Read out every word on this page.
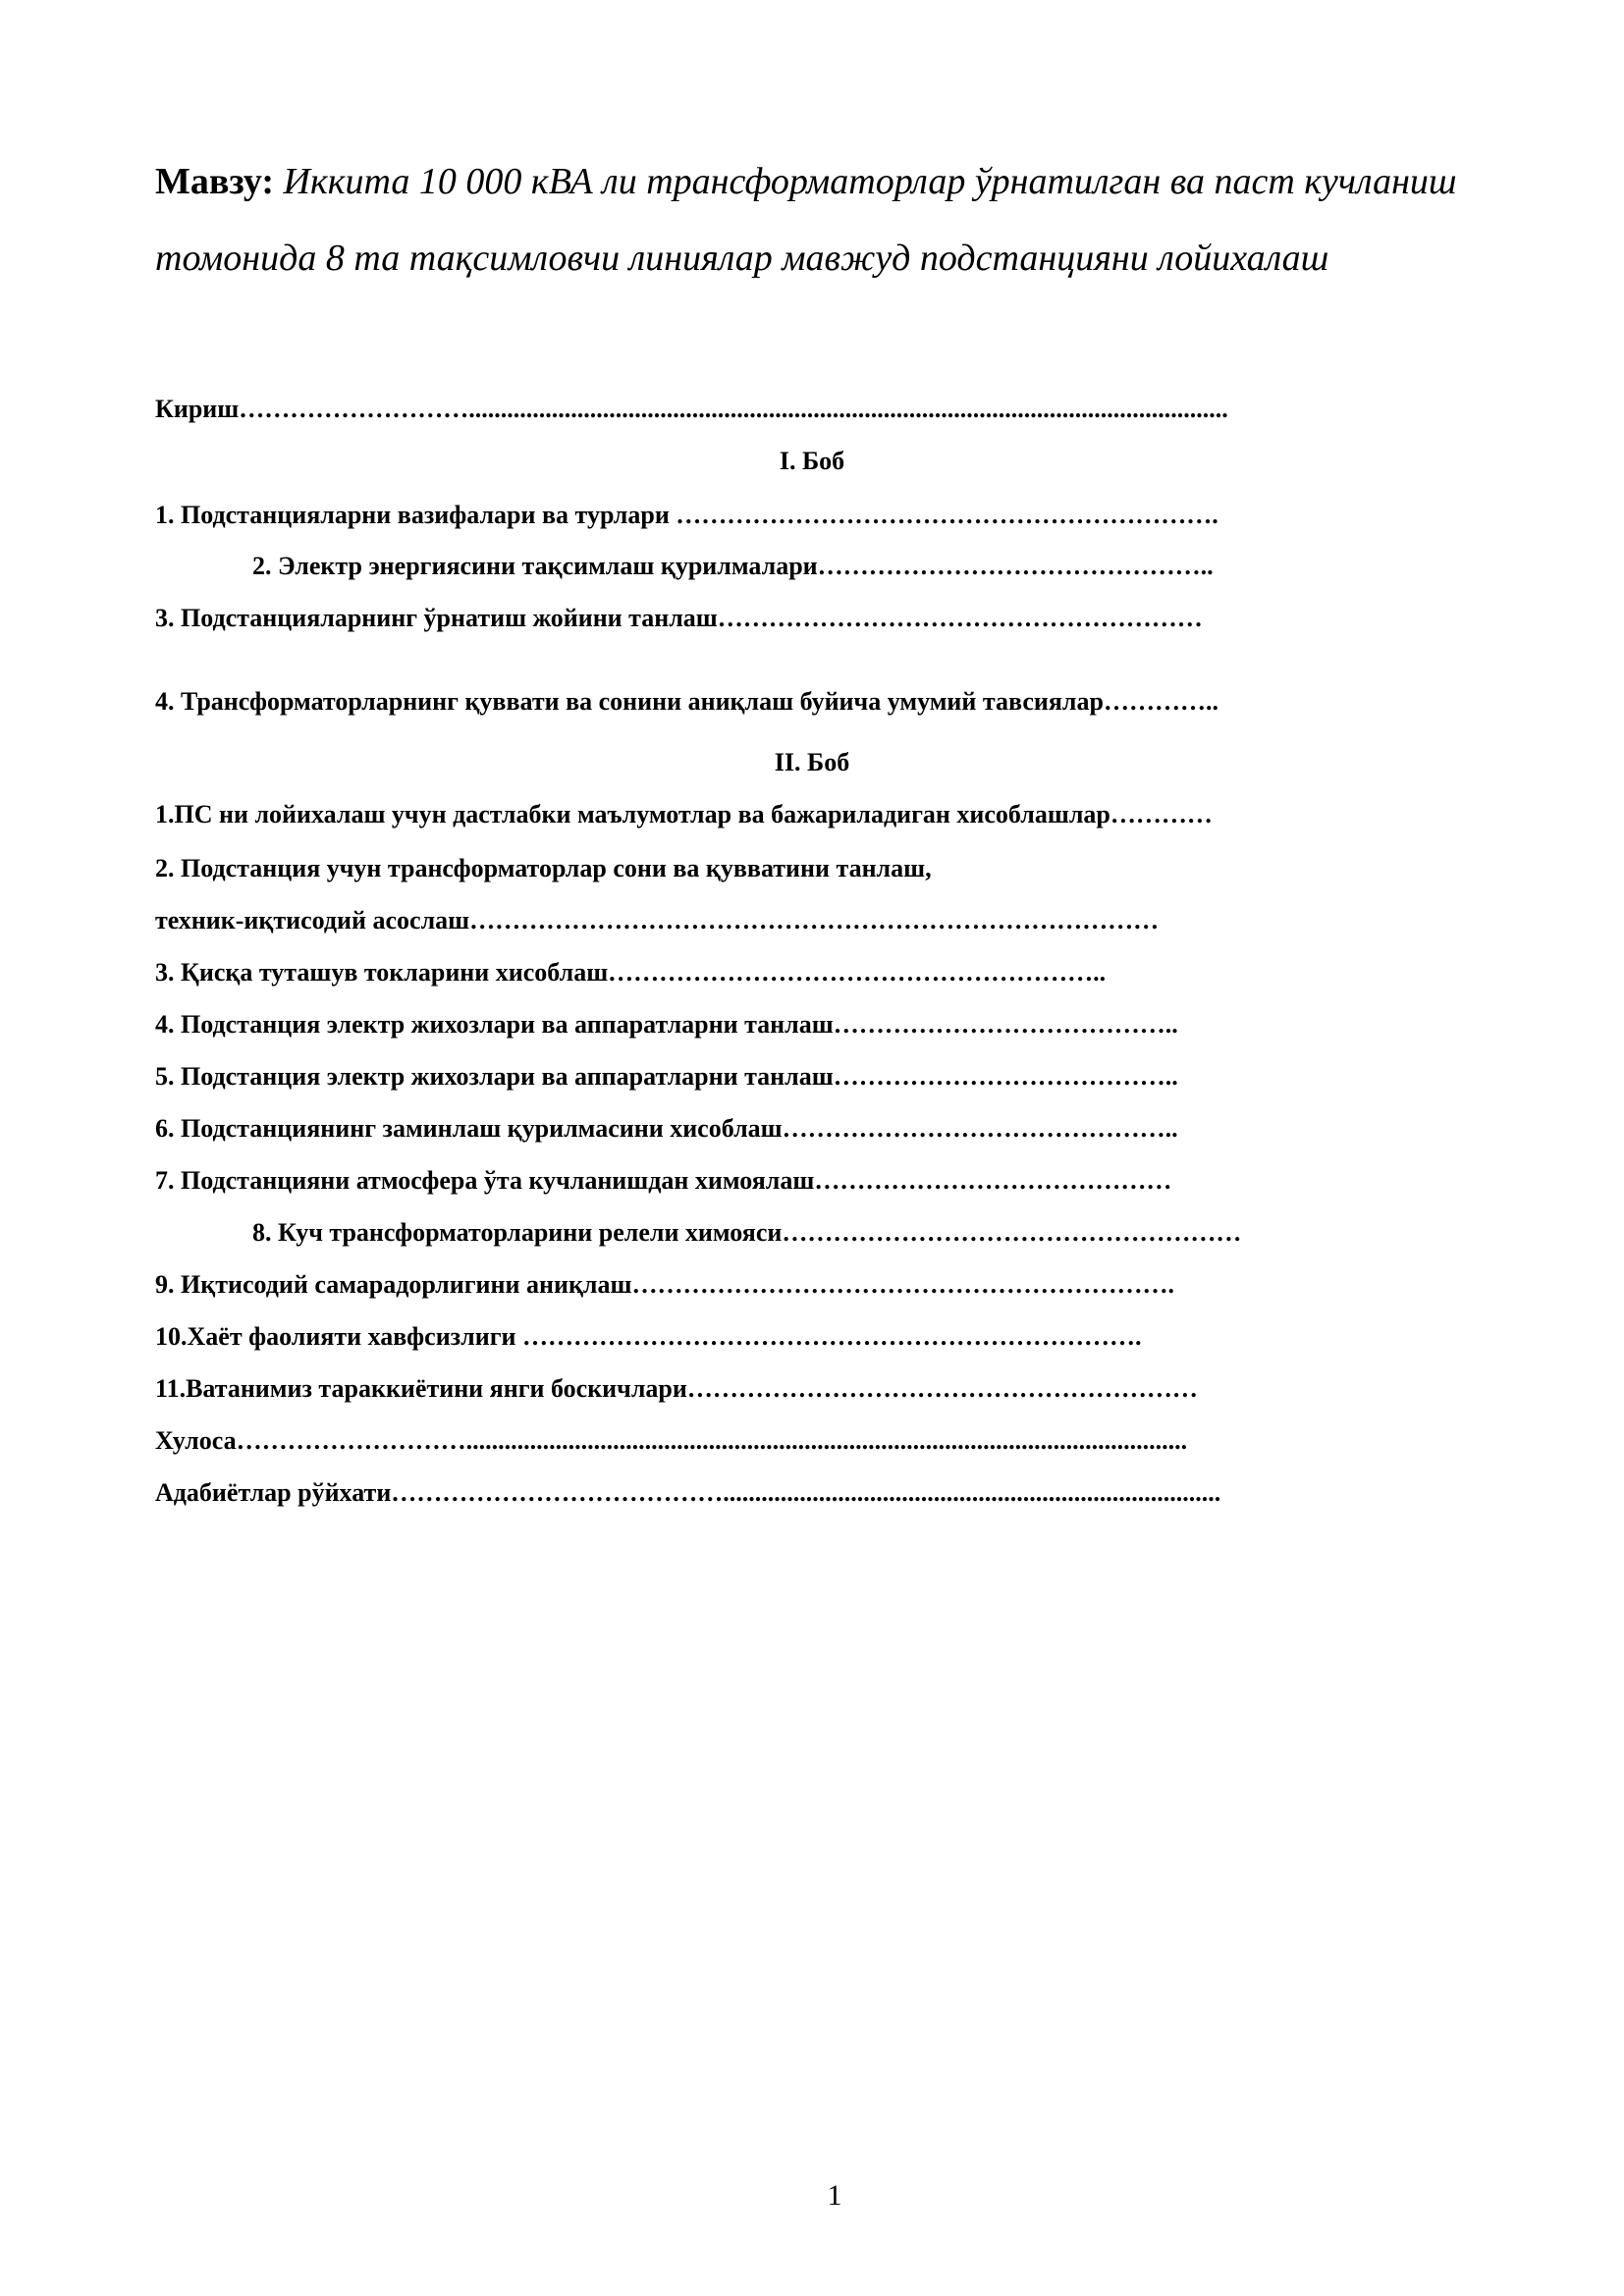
Мавзу: Иккита 10 000 кВА ли трансформаторлар ўрнатилган ва паст кучланиш томонида 8 та тақсимловчи линиялар мавжуд подстанцияни лойихалаш
Кириш……………………….......................................................................................................................
I. Боб
1. Подстанцияларни вазифалари ва турлари ……………………………………………………….
2. Электр энергиясини тақсимлаш қурилмалари………………………………………..
3. Подстанцияларнинг ўрнатиш жойини танлаш…………………………………………………
4. Трансформаторларнинг қуввати ва сонини аниқлаш буйича умумий тавсиялар…………..
II. Боб
1.ПС ни лойихалаш учун дастлабки маълумотлар ва бажариладиган хисоблашлар…………
2. Подстанция учун трансформаторлар сони ва қувватини танлаш,
техник-иқтисодий асослаш………………………………………………………………………
3. Қисқа туташув токларини хисоблаш…………………………………………………..
4. Подстанция электр жихозлари ва аппаратларни танлаш…………………………………..
5. Подстанция электр жихозлари ва аппаратларни танлаш…………………………………..
6. Подстанциянинг заминлаш қурилмасини хисоблаш………………………………………..
7. Подстанцияни атмосфера ўта кучланишдан химоялаш……………………………………
8. Куч трансформаторларини релели химояси………………………………………………
9. Иқтисодий самарадорлигини аниқлаш……………………………………………………….
10.Хаёт фаолияти хавфсизлиги ……………………………………………………………….
11.Ватанимиз тараккиётини янги боскичлари……………………………………………………
Хулоса……………………….................................................................................................................
Адабиётлар рўйхати…………………………………..............................................................................
1
